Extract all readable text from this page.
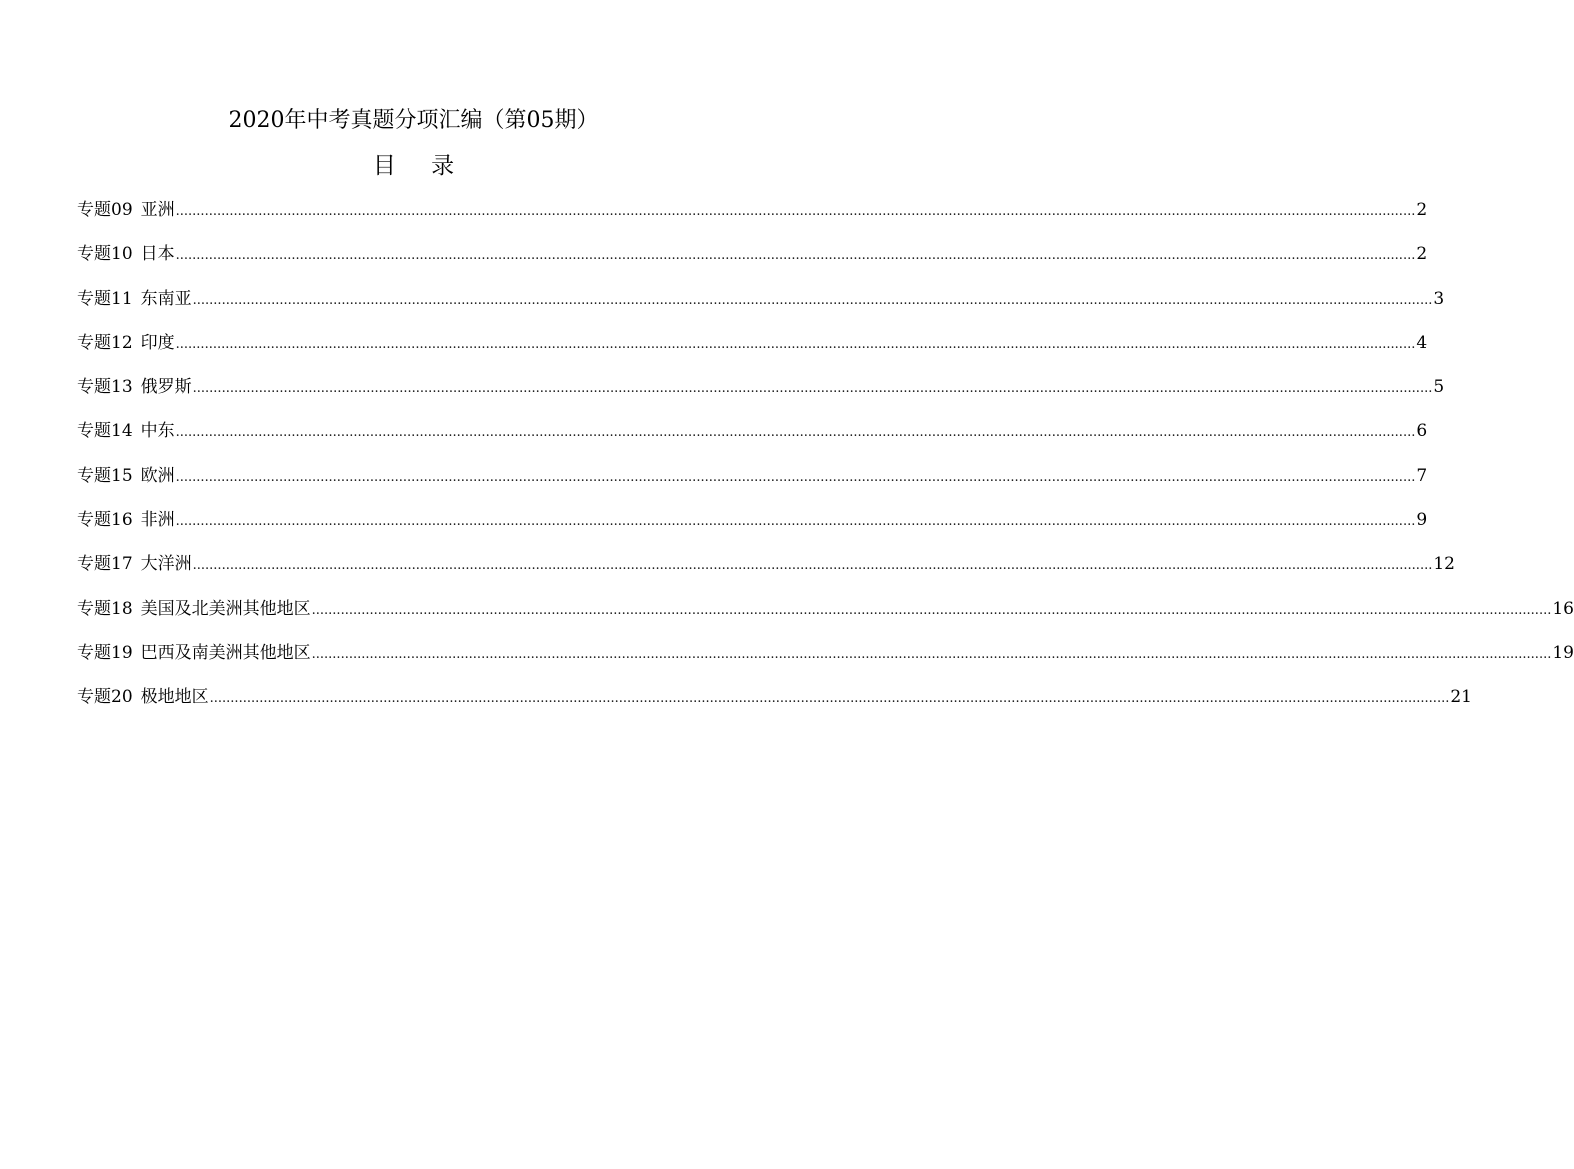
2020年中考真题分项汇编（第05期）
目 录
专题09 亚洲 ............................................................................................................................................................................................................................................................................................................ 2
专题10 日本 ............................................................................................................................................................................................................................................................................................................ 2
专题11 东南亚 ............................................................................................................................................................................................................................................................................................................ 3
专题12 印度 ............................................................................................................................................................................................................................................................................................................ 4
专题13 俄罗斯 ............................................................................................................................................................................................................................................................................................................ 5
专题14 中东 ............................................................................................................................................................................................................................................................................................................ 6
专题15 欧洲 ............................................................................................................................................................................................................................................................................................................ 7
专题16 非洲 ............................................................................................................................................................................................................................................................................................................ 9
专题17 大洋洲 ............................................................................................................................................................................................................................................................................................................ 12
专题18 美国及北美洲其他地区 ............................................................................................................................................................................................................................................................................................................ 16
专题19 巴西及南美洲其他地区 ............................................................................................................................................................................................................................................................................................................ 19
专题20 极地地区 ............................................................................................................................................................................................................................................................................................................ 21
